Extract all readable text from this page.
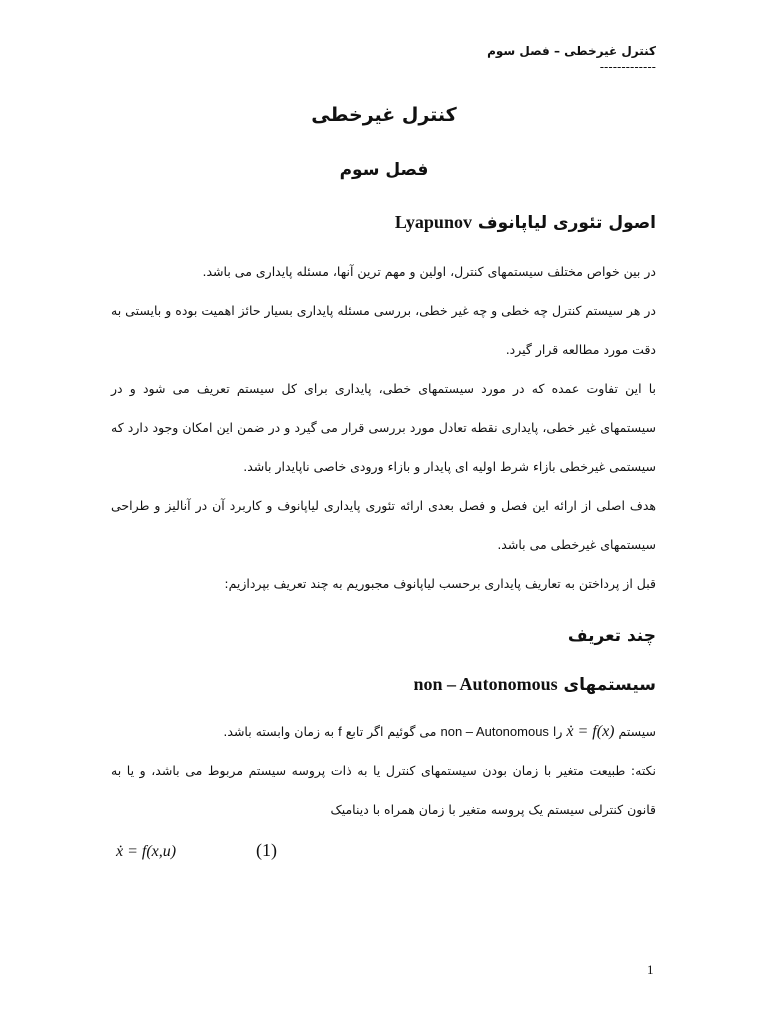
کنترل غیرخطی – فصل سوم
-------------
کنترل غیرخطی
فصل سوم
اصول تئوری لیاپانوف Lyapunov

در بین خواص مختلف سیستمهای کنترل، اولین و مهم ترین آنها، مسئله پایداری می باشد.

در هر سیستم کنترل چه خطی و چه غیر خطی، بررسی مسئله پایداری بسیار حائز اهمیت بوده و بایستی به دقت مورد مطالعه قرار گیرد.

با این تفاوت عمده که در مورد سیستمهای خطی، پایداری برای کل سیستم تعریف می شود و در سیستمهای غیر خطی، پایداری نقطه تعادل مورد بررسی قرار می گیرد و در ضمن این امکان وجود دارد که سیستمی غیرخطی بازاء شرط اولیه ای پایدار و بازاء ورودی خاصی ناپایدار باشد.

هدف اصلی از ارائه این فصل و فصل بعدی ارائه تئوری پایداری لیاپانوف و کاربرد آن در آنالیز و طراحی سیستمهای غیرخطی می باشد.

قبل از پرداختن به تعاریف پایداری برحسب لیاپانوف مجبوریم به چند تعریف بپردازیم:

چند تعریف
سیستمهای non – Autonomous

سیستم ẋ = f(x) را non – Autonomous می گوئیم اگر تابع f به زمان وابسته باشد.

نکته: طبیعت متغیر با زمان بودن سیستمهای کنترل یا به ذات پروسه سیستم مربوط می باشد، و یا به قانون کنترلی سیستم یک پروسه متغیر با زمان همراه با دینامیک

ẋ = f(x,u)	(1)
1
